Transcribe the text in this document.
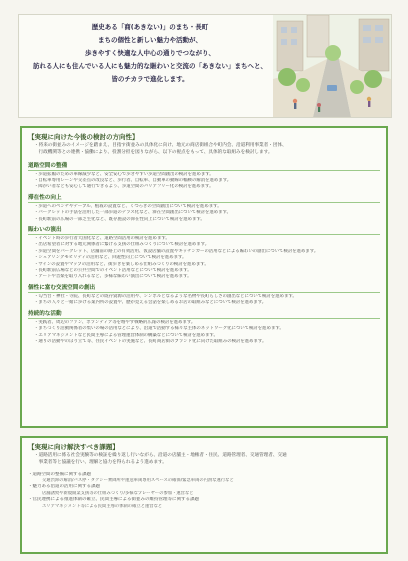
歴史ある「商(あきない)」のまち・長町
まちの個性と新しい魅力や活動が、
歩きやすく快適な人中心の通りでつながり、
訪れる人にも住んでいる人にも魅力的な賑わいと交流の「あきない」まちへと、
皆のチカラで進化します。
【実現に向けた今後の検討の方向性】
・将来の街並みのイメージを踏まえ、目指す街並みの具体化に向け、地元の商店街組合や町内会、沿道利用事業者・団体、
　行政機関等との連携・協働により、役割分担を図りながら、以下の視点をもって、具体的な取組みを検討します。
道路空間の整備
・歩道拡幅のための車線減少など、安全安心で歩きやすい歩道空間創出の検討を進めます。
・自転車専用レーンや交差点の改良など、歩行者、自転車、自動車の動線の輻輳の解消を進めます。
・障がい者なども安心して通行できるよう、歩道空間のバリアフリー化の検討を進めます。
滞在性の向上
・歩道へのベンチやテーブル、植栽の設置など、くつろぎの空間創出について検討を進めます。
・パークレットの手法を活用した一部歩道のテラス化など、滞在空間創出について検討を進めます。
・長町駅前の広場の一部芝生化など、既存施設の滞在性向上について検討を進めます。
賑わいの演出
・イベント時の歩行者天国化など、道路空間活用の検討を進めます。
・出店希望者に対する地元関係者に繋げる支援の仕組みづくりについて検討を進めます。
・歩道空間をパークレット、店舗前の路上の有効活用、仮設店舗の設置やキッチンカーの活用などによる賑わいの創出について検討を進めます。
・シェアリングモビリティの活用など、回遊性向上について検討を進めます。
・サインの設置やマップの活用など、街歩きを楽しめる仕組みづくりの検討を進めます。
・長町駅前広場などの公共空間でのイベント活用などについて検討を進めます。
・アートや音楽を取り入れるなど、多様な賑わい演出について検討を進めます。
個性に富む交流空間の創出
・勾当台・神社・寺院、長町などの既存資源の活用や、シンボルとなるような名物や長町らしさの創出などについて検討を進めます。
・まちの人々と一緒に歩ける案内所の設置や、歴が見える会話を楽しめるお店の取組みなどについて検討を進めます。
持続的な活動
・実践者、周辺のファン、ボランティア等を増やす戦略的広報の検討を進めます。
・まちづくり活動関係者の集いの場の活用などにより、沿道で活動する様々な主体のネットワーク化について検討を進めます。
・エリアマネジメントなど民間主導による管理運営体制の構築などについて検討を進めます。
・通りの活動やのぼり立て等、住民イベントの実施など、長町商店街のブランド化に向けた取組みの検討を進めます。
【実現に向け解決すべき課題】
・道路活用に係る社会実験等の検証を繰り返し行いながら、沿道の店舗主・地権者・住民、道路管理者、交通管理者、交通
　事業者等と協議を行い、理解と協力を得られるよう進めます。
・道路空間の整備に関する課題
交通渋滞の解消/バス停・タクシー乗降所や運送車両専用スペースの確保/緊急車両の円滑な運行など
・魅力ある沿道の活用に関する課題
店舗誘致や新規開業支援等の仕組みづくり/多様なプレーヤーの参加・運営など
・官民連携による推進体制の確立、民間主導による街並みの維持管理等に関する課題
エリアマネジメント等による民間主導の体制の確立と運営など
